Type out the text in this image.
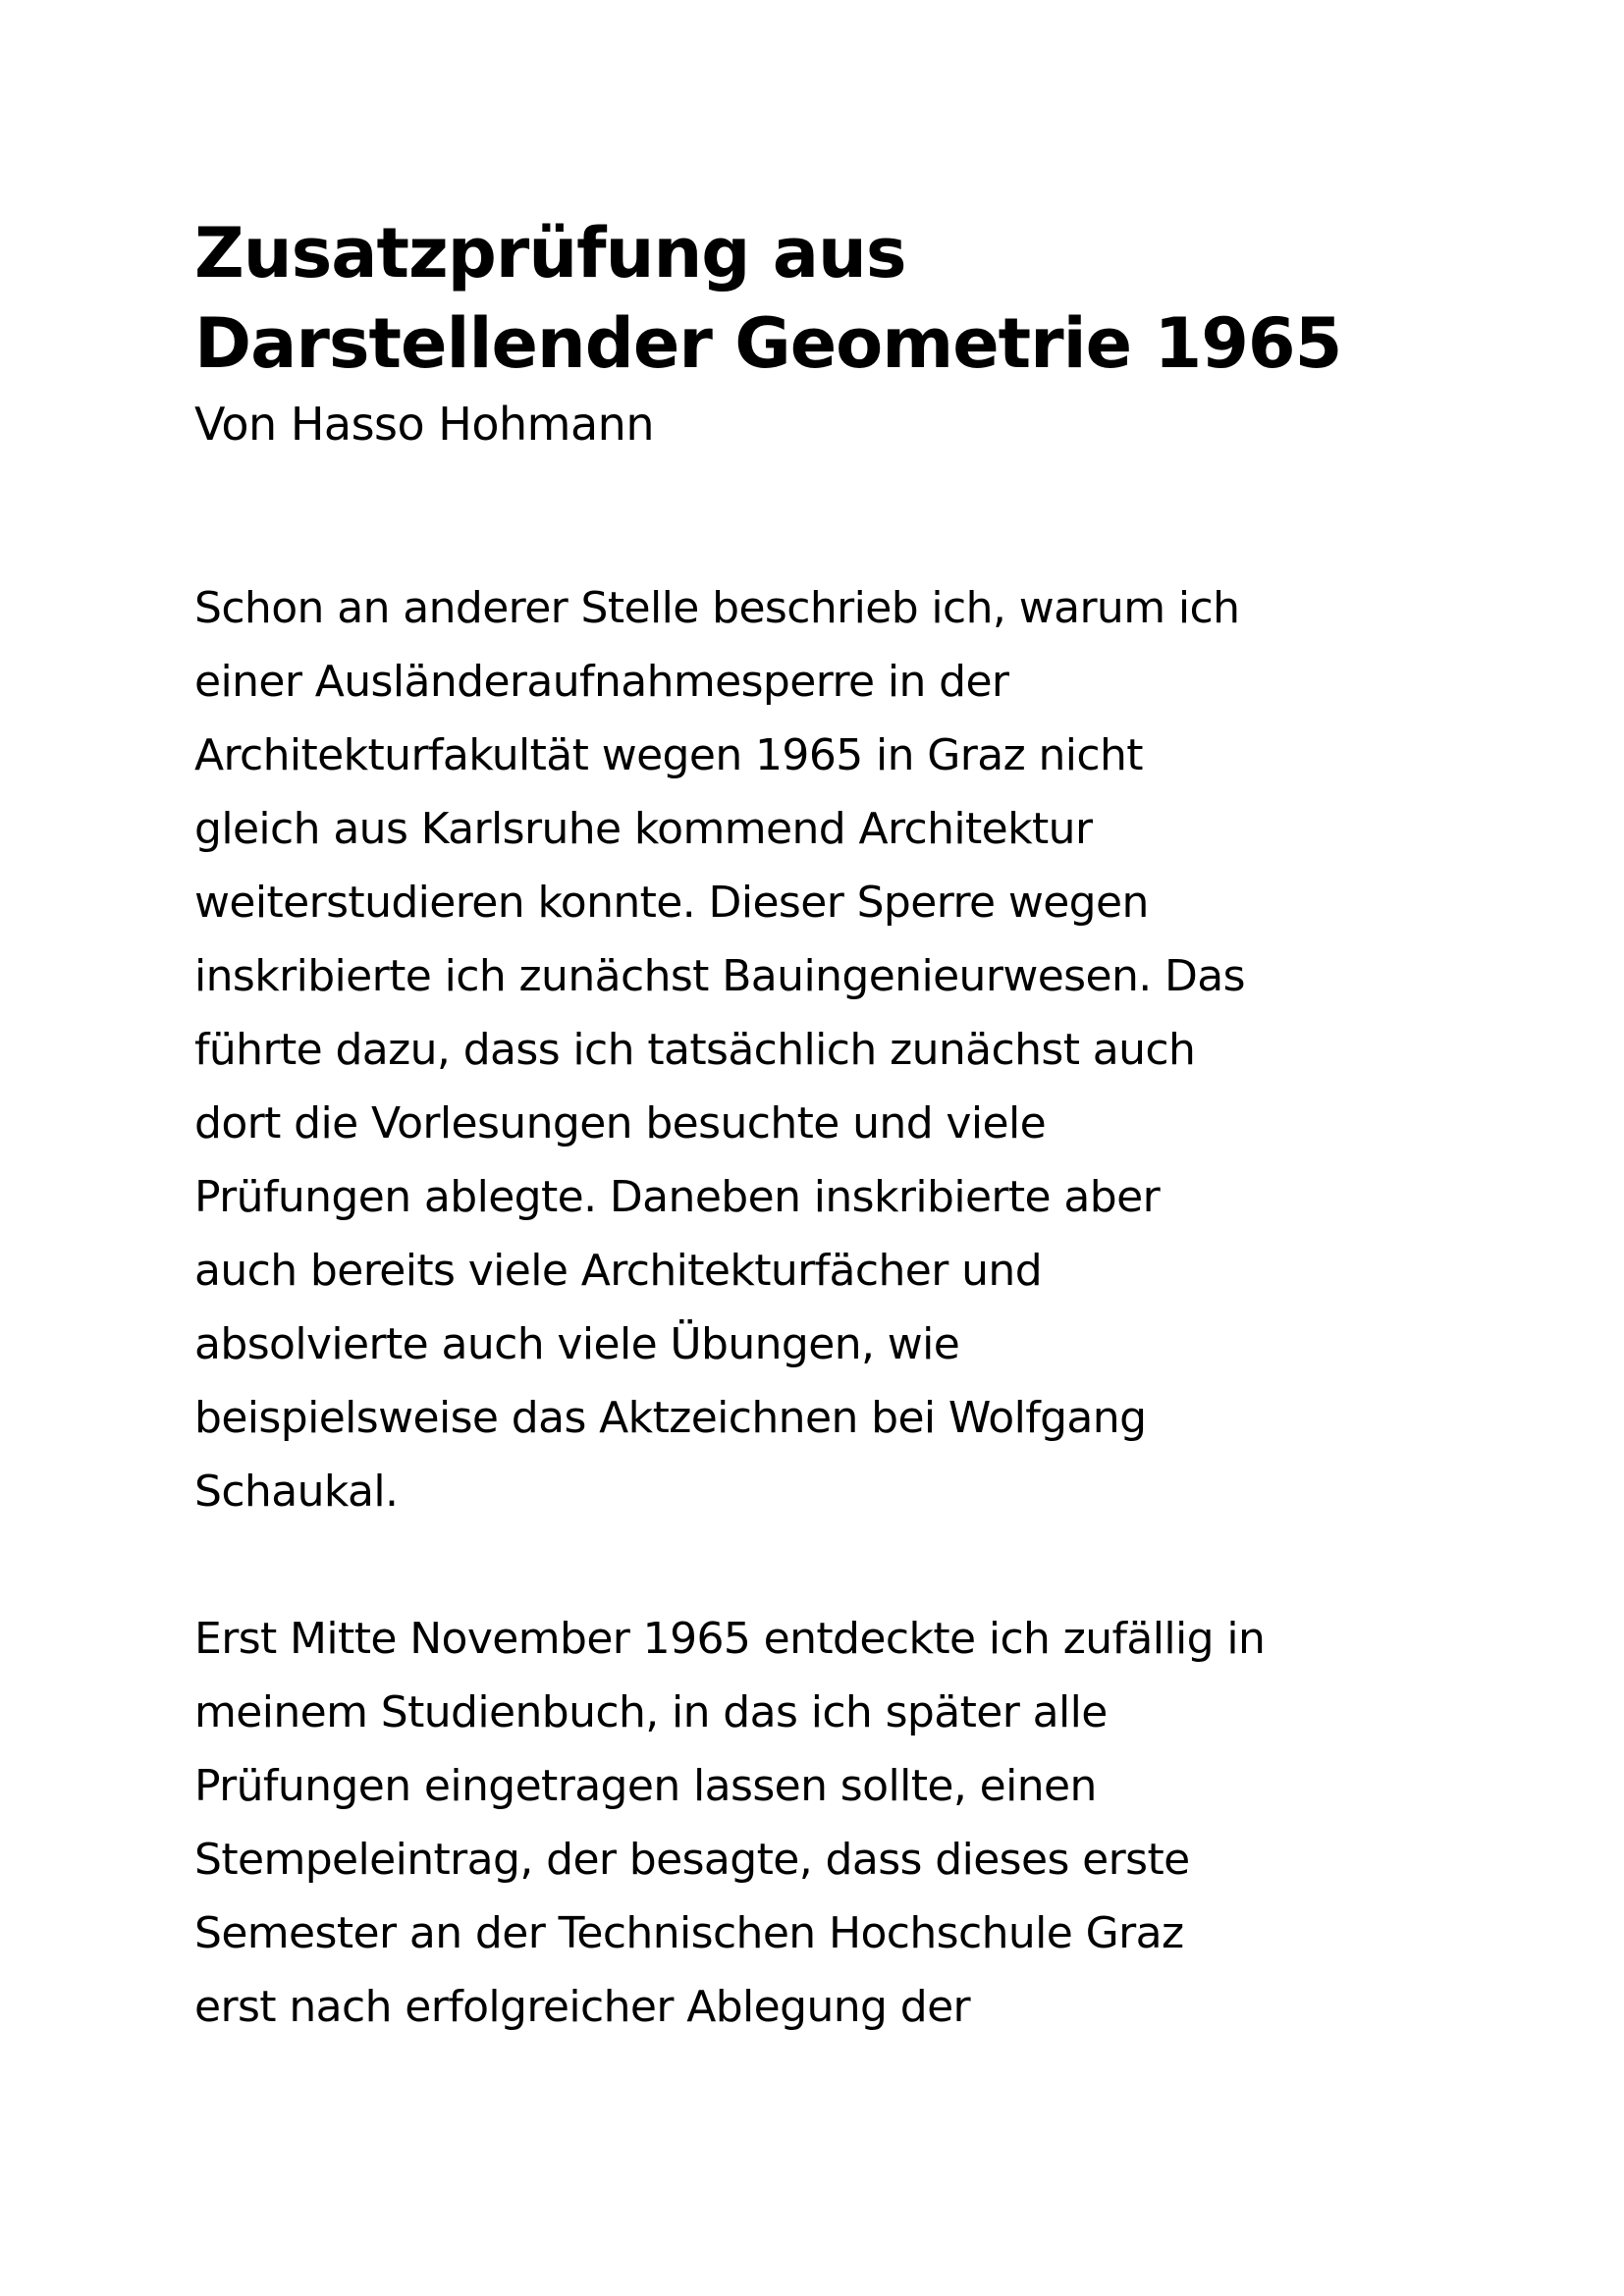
Zusatzprüfung aus
Darstellender Geometrie 1965

Von Hasso Hohmann

Schon an anderer Stelle beschrieb ich, warum ich
einer Ausländeraufnahmesperre in der
Architekturfakultät wegen 1965 in Graz nicht
gleich aus Karlsruhe kommend Architektur
weiterstudieren konnte. Dieser Sperre wegen
inskribierte ich zunächst Bauingenieurwesen. Das
führte dazu, dass ich tatsächlich zunächst auch
dort die Vorlesungen besuchte und viele
Prüfungen ablegte. Daneben inskribierte aber
auch bereits viele Architekturfächer und
absolvierte auch viele Übungen, wie
beispielsweise das Aktzeichnen bei Wolfgang
Schaukal.

Erst Mitte November 1965 entdeckte ich zufällig in
meinem Studienbuch, in das ich später alle
Prüfungen eingetragen lassen sollte, einen
Stempeleintrag, der besagte, dass dieses erste
Semester an der Technischen Hochschule Graz
erst nach erfolgreicher Ablegung der
